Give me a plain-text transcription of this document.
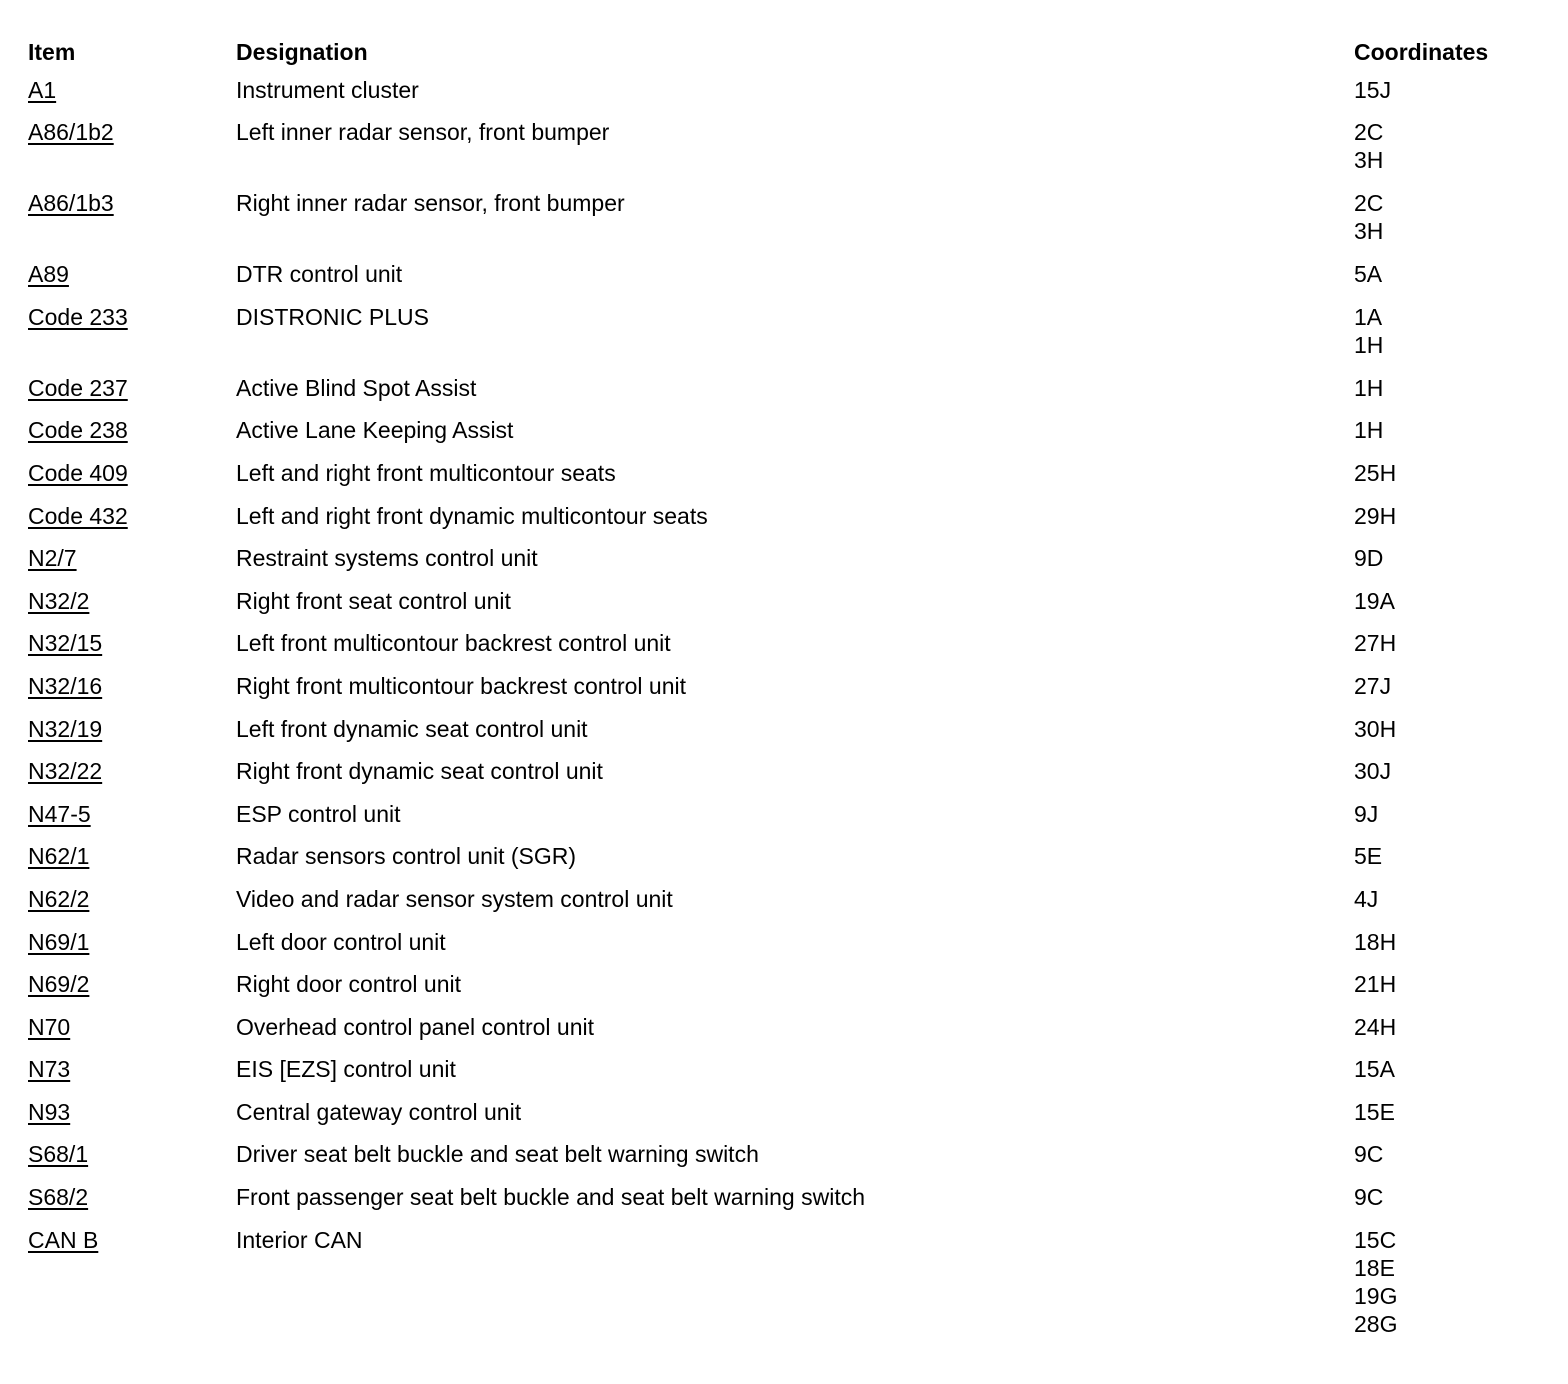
Item	Designation	Coordinates
A1	Instrument cluster	15J
A86/1b2	Left inner radar sensor, front bumper	2C
3H
A86/1b3	Right inner radar sensor, front bumper	2C
3H
A89	DTR control unit	5A
Code 233	DISTRONIC PLUS	1A
1H
Code 237	Active Blind Spot Assist	1H
Code 238	Active Lane Keeping Assist	1H
Code 409	Left and right front multicontour seats	25H
Code 432	Left and right front dynamic multicontour seats	29H
N2/7	Restraint systems control unit	9D
N32/2	Right front seat control unit	19A
N32/15	Left front multicontour backrest control unit	27H
N32/16	Right front multicontour backrest control unit	27J
N32/19	Left front dynamic seat control unit	30H
N32/22	Right front dynamic seat control unit	30J
N47-5	ESP control unit	9J
N62/1	Radar sensors control unit (SGR)	5E
N62/2	Video and radar sensor system control unit	4J
N69/1	Left door control unit	18H
N69/2	Right door control unit	21H
N70	Overhead control panel control unit	24H
N73	EIS [EZS] control unit	15A
N93	Central gateway control unit	15E
S68/1	Driver seat belt buckle and seat belt warning switch	9C
S68/2	Front passenger seat belt buckle and seat belt warning switch	9C
CAN B	Interior CAN	15C
18E
19G
28G
